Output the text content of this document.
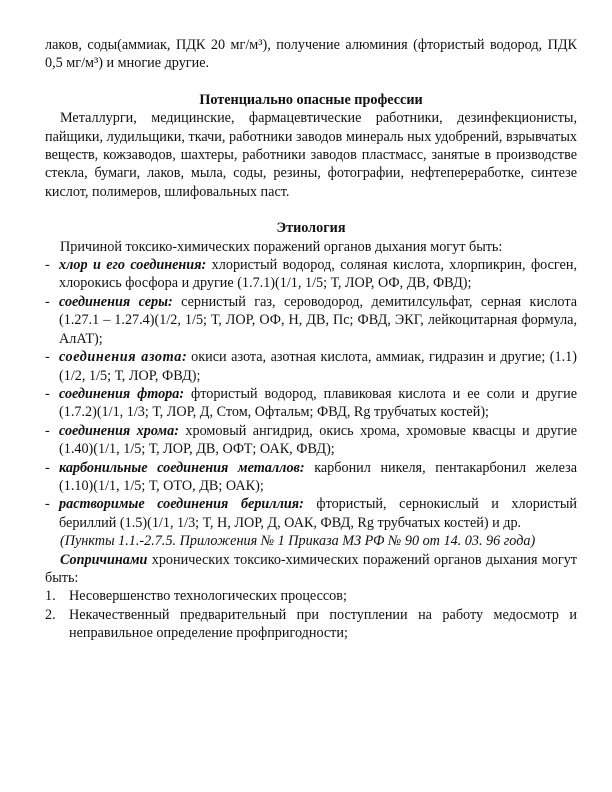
лаков, соды(аммиак, ПДК 20 мг/м³), получение алюминия (фтористый водород, ПДК 0,5 мг/м³) и многие другие.

Потенциально опасные профессии

Металлурги, медицинские, фармацевтические работники, дезинфекционисты, пайщики, лудильщики, ткачи, работники заводов минераль ных удобрений, взрывчатых веществ, кожзаводов, шахтеры, работники заводов пластмасс, занятые в производстве стекла, бумаги, лаков, мыла, соды, резины, фотографии, нефтепереработке, синтезе кислот, полимеров, шлифовальных паст.

Этиология

Причиной токсико-химических поражений органов дыхания могут быть:

- хлор и его соединения: хлористый водород, соляная кислота, хлорпикрин, фосген, хлорокись фосфора и другие (1.7.1)(1/1, 1/5; Т, ЛОР, ОФ, ДВ, ФВД);
- соединения серы: сернистый газ, сероводород, демитилсульфат, серная кислота (1.27.1 – 1.27.4)(1/2, 1/5; Т, ЛОР, ОФ, Н, ДВ, Пс; ФВД, ЭКГ, лейкоцитарная формула, АлАТ);
- соединения азота: окиси азота, азотная кислота, аммиак, гидразин и другие; (1.1)(1/2, 1/5; Т, ЛОР, ФВД);
- соединения фтора: фтористый водород, плавиковая кислота и ее соли и другие (1.7.2)(1/1, 1/3; Т, ЛОР, Д, Стом, Офтальм; ФВД, Rg трубчатых костей);
- соединения хрома: хромовый ангидрид, окись хрома, хромовые квасцы и другие (1.40)(1/1, 1/5; Т, ЛОР, ДВ, ОФТ; ОАК, ФВД);
- карбонильные соединения металлов: карбонил никеля, пентакарбонил железа (1.10)(1/1, 1/5; Т, ОТО, ДВ; ОАК);
- растворимые соединения бериллия: фтористый, сернокислый и хлористый бериллий (1.5)(1/1, 1/3; Т, Н, ЛОР, Д, ОАК, ФВД, Rg трубчатых костей) и др.

(Пункты 1.1.-2.7.5. Приложения № 1 Приказа МЗ РФ № 90 от 14. 03. 96 года)

Сопричинами хронических токсико-химических поражений органов дыхания могут быть:

1. Несовершенство технологических процессов;
2. Некачественный предварительный при поступлении на работу медосмотр и неправильное определение профпригодности;
